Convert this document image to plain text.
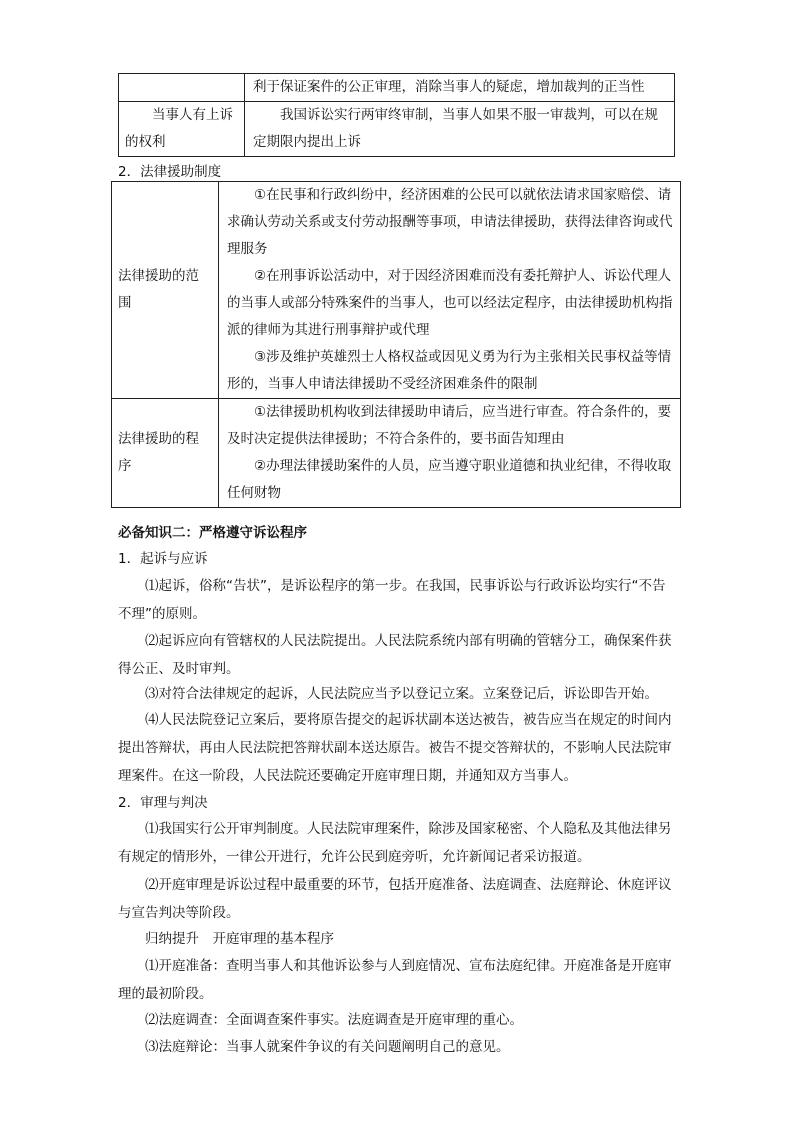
	利于保证案件的公正审理，消除当事人的疑虑，增加裁判的正当性

当事人有上诉的权利	我国诉讼实行两审终审制，当事人如果不服一审裁判，可以在规定期限内提出上诉

2．法律援助制度

法律援助的范围	①在民事和行政纠纷中，经济困难的公民可以就依法请求国家赔偿、请求确认劳动关系或支付劳动报酬等事项，申请法律援助，获得法律咨询或代理服务
②在刑事诉讼活动中，对于因经济困难而没有委托辩护人、诉讼代理人的当事人或部分特殊案件的当事人，也可以经法定程序，由法律援助机构指派的律师为其进行刑事辩护或代理
③涉及维护英雄烈士人格权益或因见义勇为行为主张相关民事权益等情形的，当事人申请法律援助不受经济困难条件的限制

法律援助的程序	①法律援助机构收到法律援助申请后，应当进行审查。符合条件的，要及时决定提供法律援助；不符合条件的，要书面告知理由
②办理法律援助案件的人员，应当遵守职业道德和执业纪律，不得收取任何财物

必备知识二：严格遵守诉讼程序

1．起诉与应诉

⑴起诉，俗称“告状”，是诉讼程序的第一步。在我国，民事诉讼与行政诉讼均实行“不告不理”的原则。

⑵起诉应向有管辖权的人民法院提出。人民法院系统内部有明确的管辖分工，确保案件获得公正、及时审判。

⑶对符合法律规定的起诉，人民法院应当予以登记立案。立案登记后，诉讼即告开始。

⑷人民法院登记立案后，要将原告提交的起诉状副本送达被告，被告应当在规定的时间内提出答辩状，再由人民法院把答辩状副本送达原告。被告不提交答辩状的，不影响人民法院审理案件。在这一阶段，人民法院还要确定开庭审理日期，并通知双方当事人。

2．审理与判决

⑴我国实行公开审判制度。人民法院审理案件，除涉及国家秘密、个人隐私及其他法律另有规定的情形外，一律公开进行，允许公民到庭旁听，允许新闻记者采访报道。

⑵开庭审理是诉讼过程中最重要的环节，包括开庭准备、法庭调查、法庭辩论、休庭评议与宣告判决等阶段。

归纳提升　开庭审理的基本程序

⑴开庭准备：查明当事人和其他诉讼参与人到庭情况、宣布法庭纪律。开庭准备是开庭审理的最初阶段。

⑵法庭调查：全面调查案件事实。法庭调查是开庭审理的重心。

⑶法庭辩论：当事人就案件争议的有关问题阐明自己的意见。
